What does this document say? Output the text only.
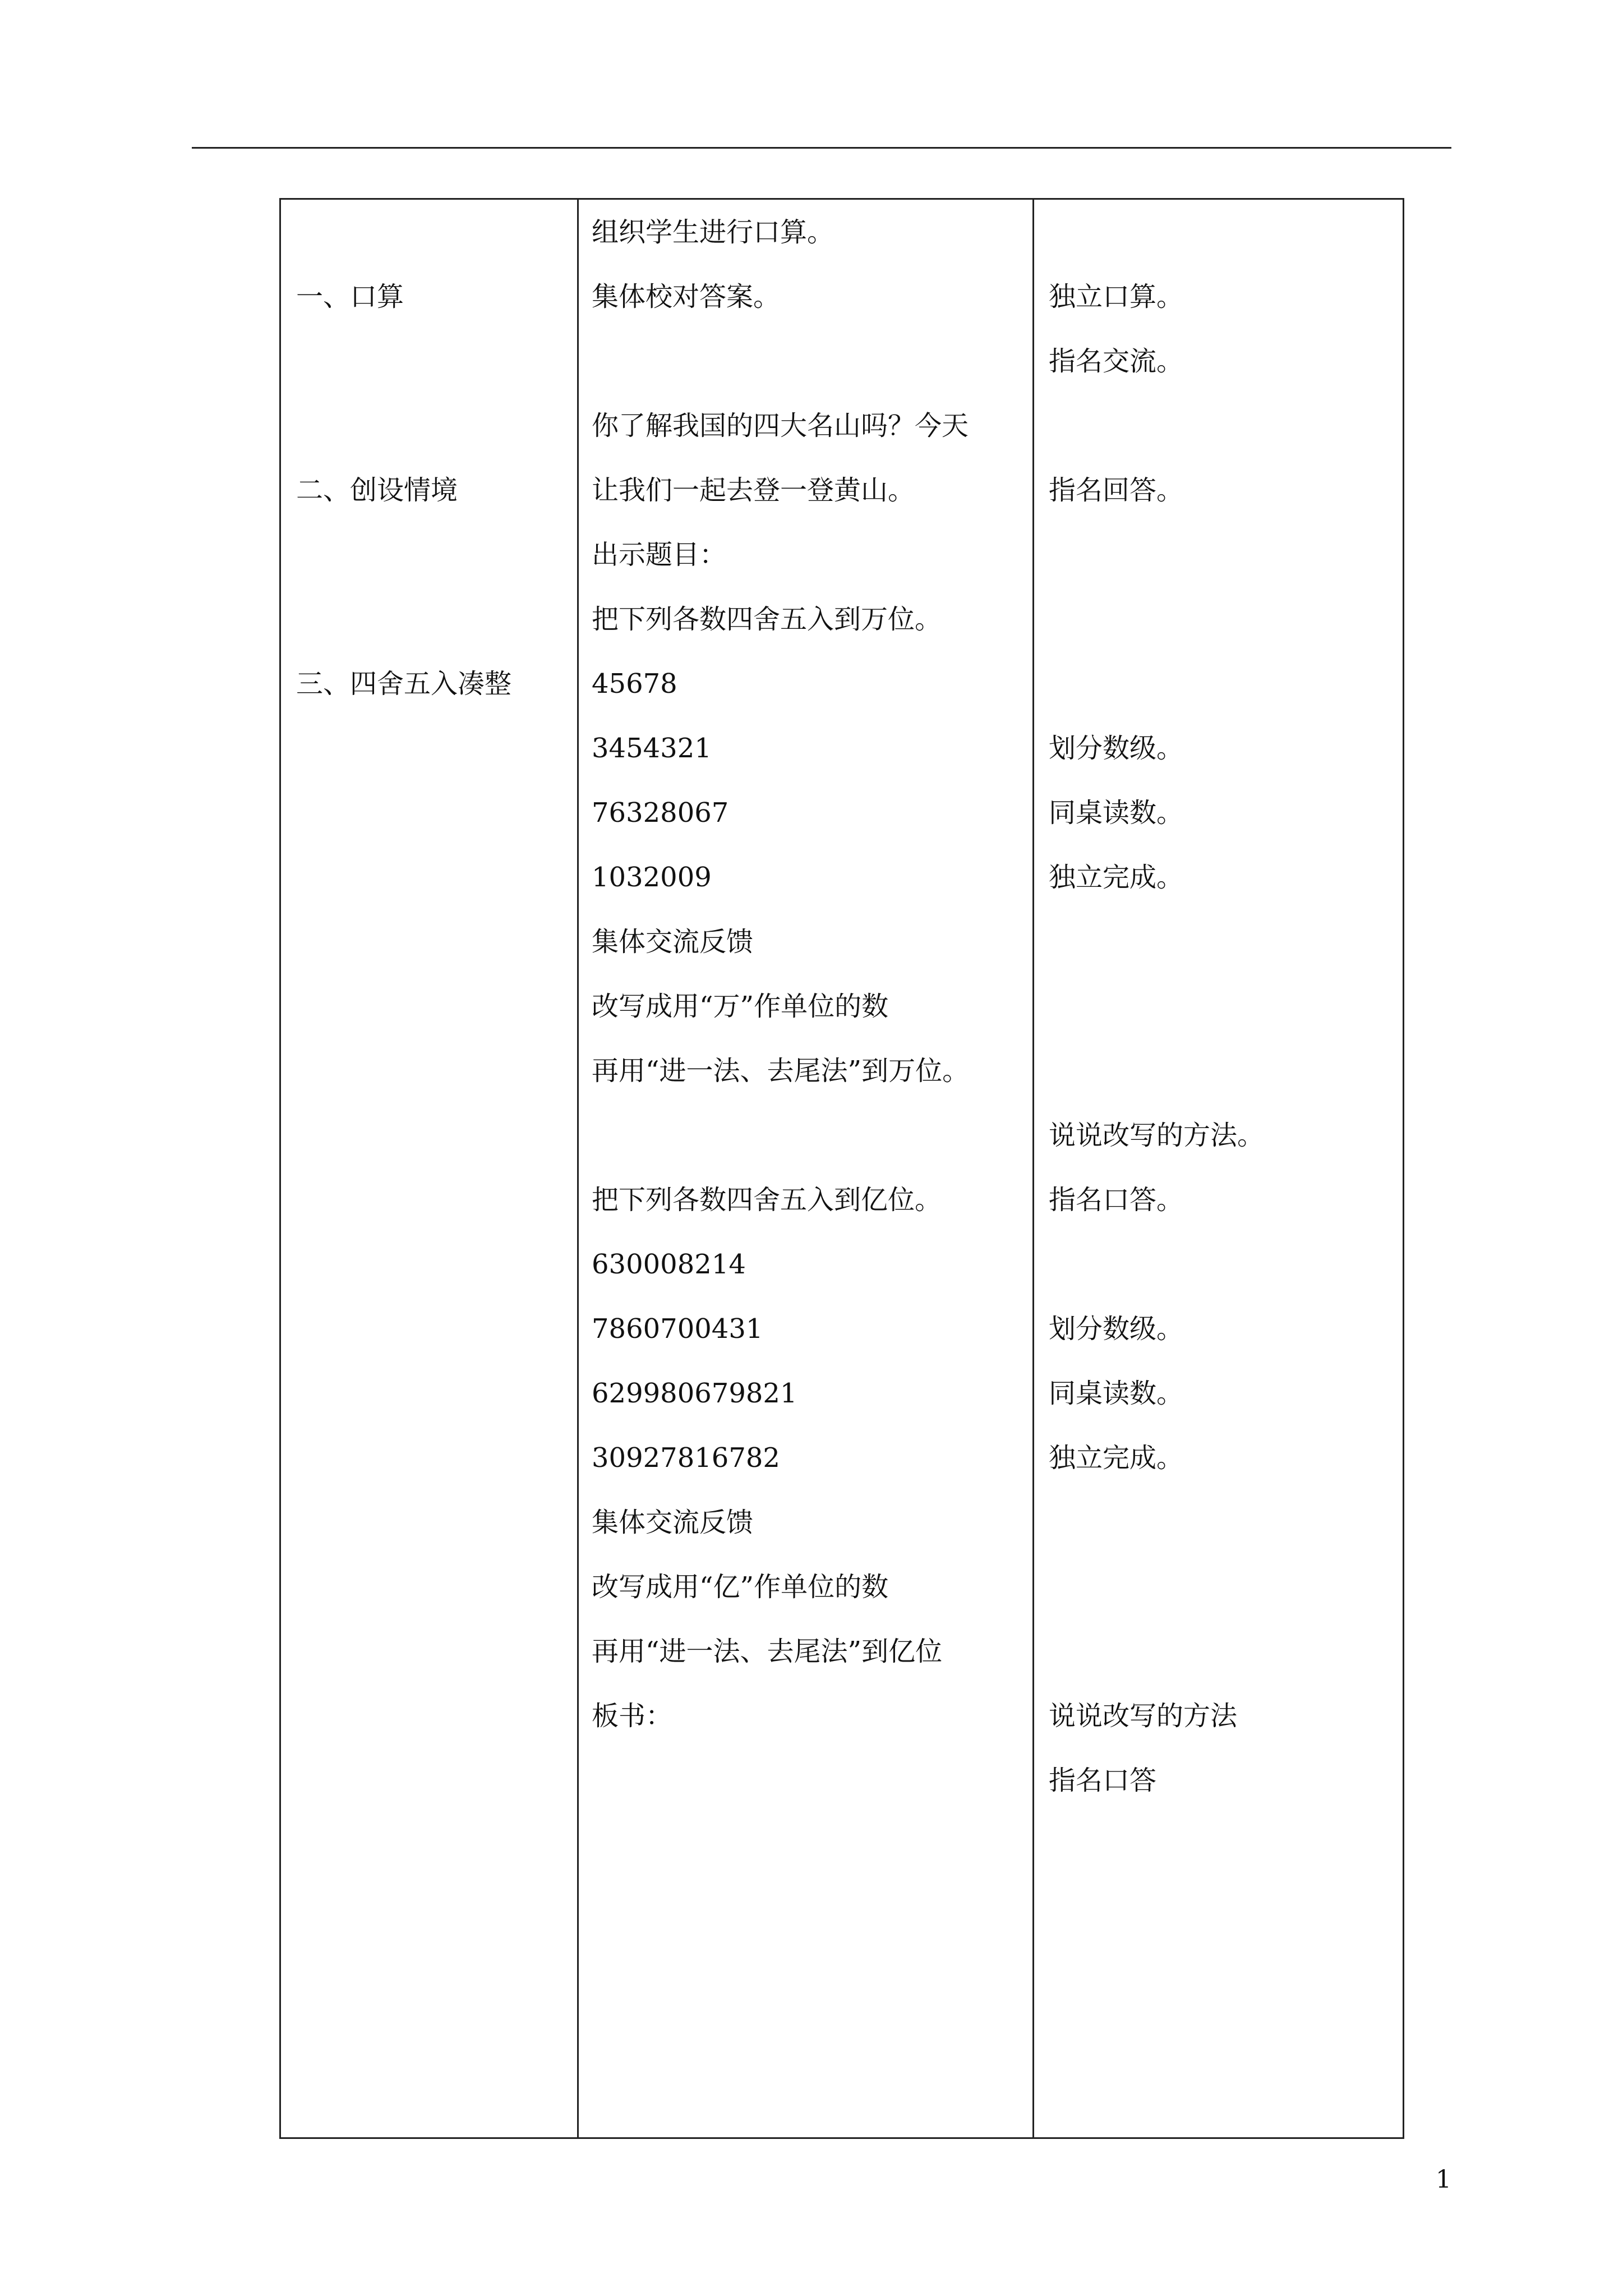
一、口算
二、创设情境
三、四舍五入凑整
组织学生进行口算。
集体校对答案。
你了解我国的四大名山吗？今天
让我们一起去登一登黄山。
出示题目：
把下列各数四舍五入到万位。
45678
3454321
76328067
1032009
集体交流反馈
改写成用“万”作单位的数
再用“进一法、去尾法”到万位。
把下列各数四舍五入到亿位。
630008214
7860700431
629980679821
30927816782
集体交流反馈
改写成用“亿”作单位的数
再用“进一法、去尾法”到亿位
板书：
独立口算。
指名交流。
指名回答。
划分数级。
同桌读数。
独立完成。
说说改写的方法。
指名口答。
划分数级。
同桌读数。
独立完成。
说说改写的方法
指名口答
1
